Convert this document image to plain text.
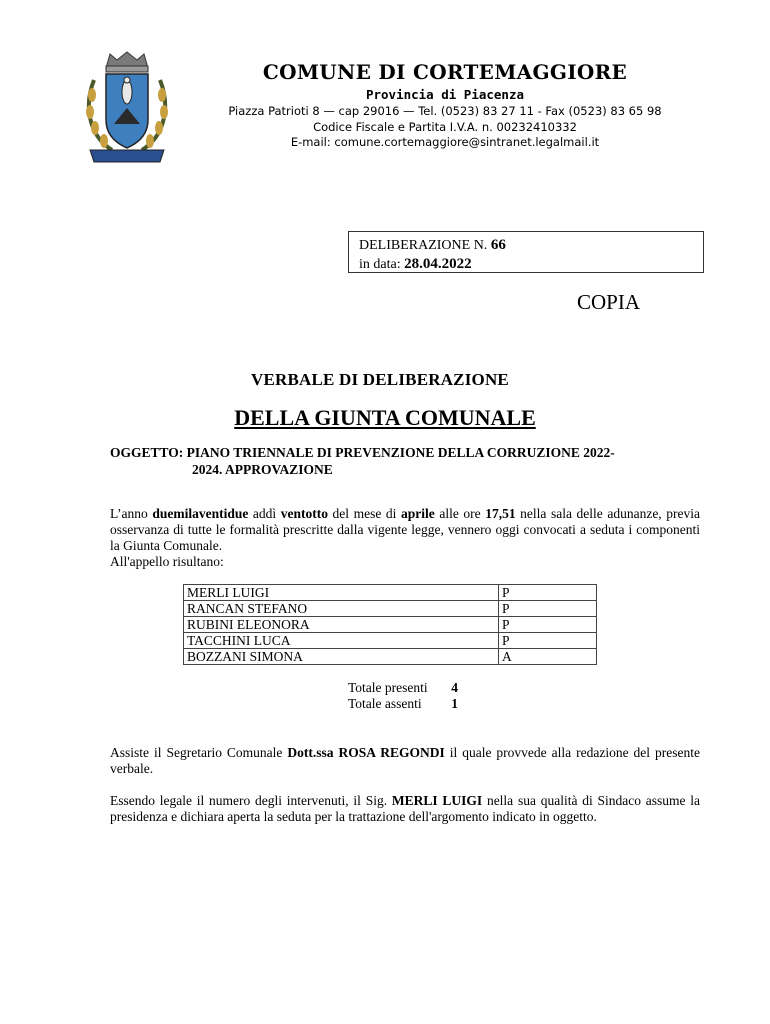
COMUNE DI CORTEMAGGIORE
Provincia di Piacenza
Piazza Patrioti 8 — cap 29016 — Tel. (0523) 83 27 11 - Fax (0523) 83 65 98
Codice Fiscale e Partita I.V.A. n. 00232410332
E-mail: comune.cortemaggiore@sintranet.legalmail.it
DELIBERAZIONE N. 66
in data: 28.04.2022
COPIA
VERBALE DI DELIBERAZIONE
DELLA GIUNTA COMUNALE
OGGETTO: PIANO TRIENNALE DI PREVENZIONE DELLA CORRUZIONE 2022-
2024. APPROVAZIONE
L’anno duemilaventidue addì ventotto del mese di aprile alle ore 17,51 nella sala delle adunanze, previa osservanza di tutte le formalità prescritte dalla vigente legge, vennero oggi convocati a seduta i componenti la Giunta Comunale.
All'appello risultano:
MERLI LUIGI	P
RANCAN STEFANO	P
RUBINI ELEONORA	P
TACCHINI LUCA	P
BOZZANI SIMONA	A
Totale presenti 4
Totale assenti 1
Assiste il Segretario Comunale Dott.ssa ROSA REGONDI il quale provvede alla redazione del presente verbale.
Essendo legale il numero degli intervenuti, il Sig. MERLI LUIGI nella sua qualità di Sindaco assume la presidenza e dichiara aperta la seduta per la trattazione dell'argomento indicato in oggetto.
